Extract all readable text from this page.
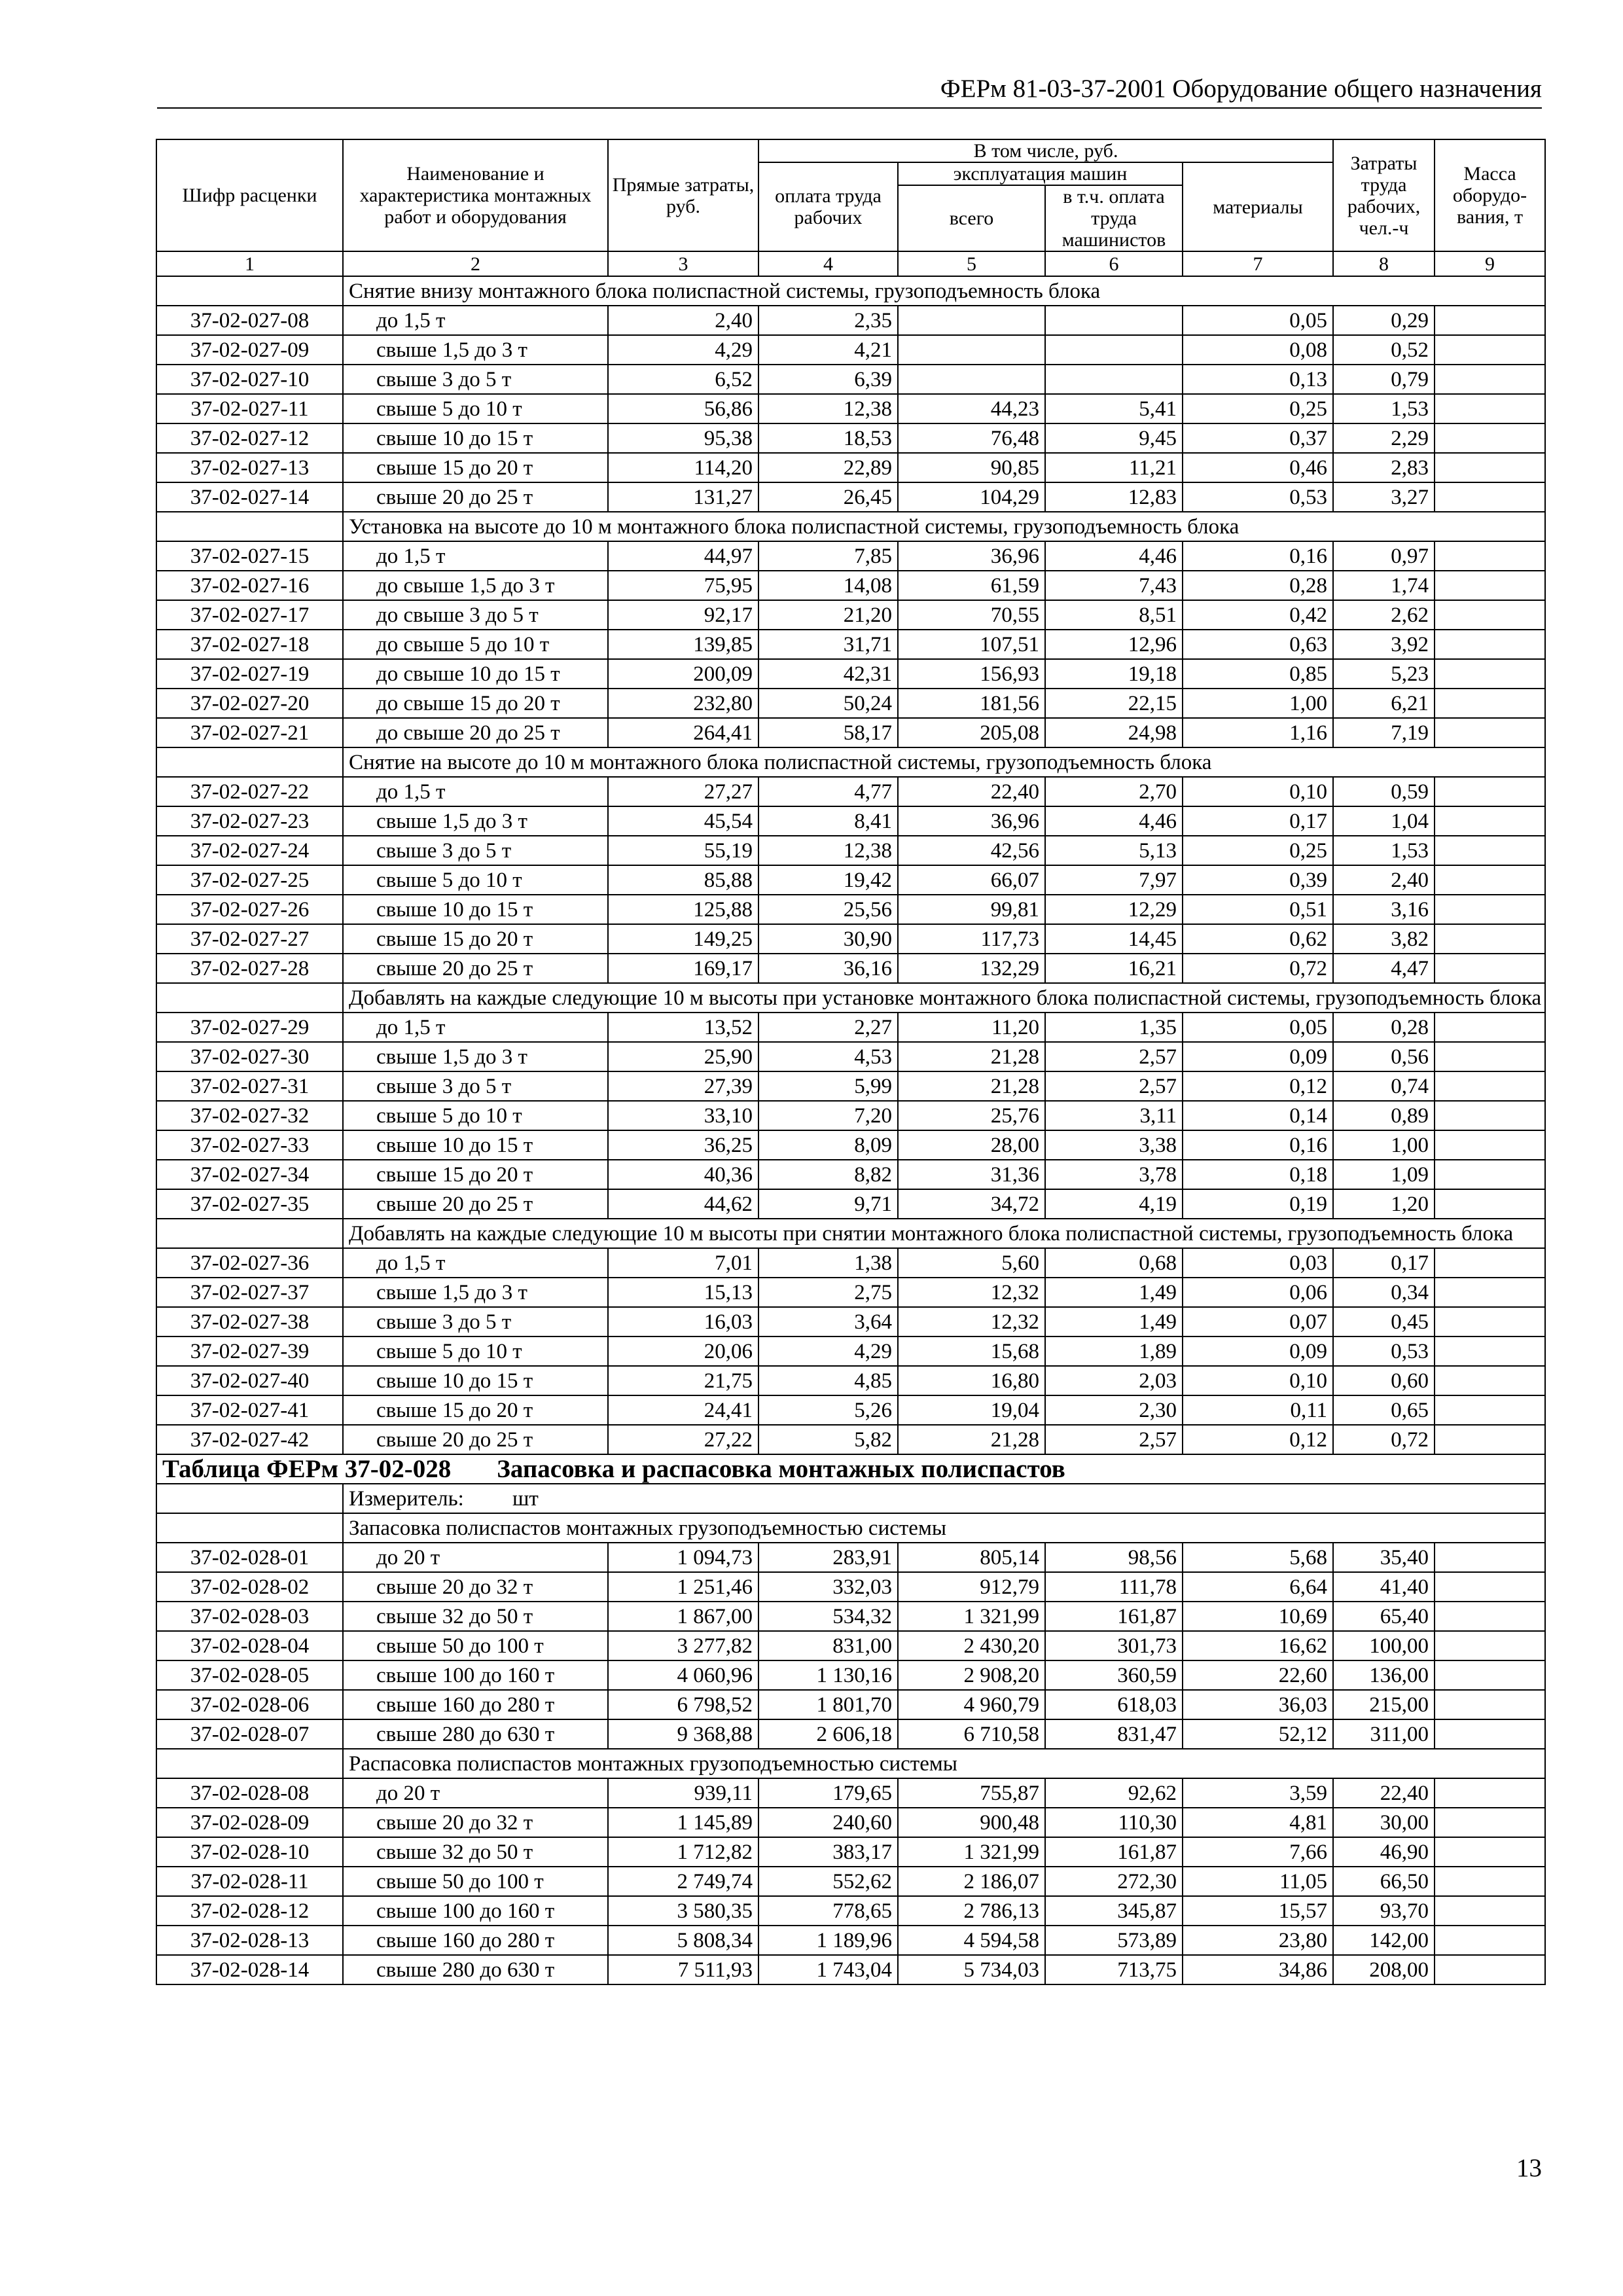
ФЕРм 81-03-37-2001 Оборудование общего назначения
Шифр расценки	Наименование и характеристика монтажных работ и оборудования	Прямые затраты, руб.	В том числе, руб.				Затраты труда рабочих, чел.-ч	Масса оборудо-вания, т
			оплата труда рабочих	эксплуатация машин		материалы		
				всего	в т.ч. оплата труда машинистов			
1	2	3	4	5	6	7	8	9
	Снятие внизу монтажного блока полиспастной системы, грузоподъемность блока							
37-02-027-08	до 1,5 т	2,40	2,35			0,05	0,29	
37-02-027-09	свыше 1,5 до 3 т	4,29	4,21			0,08	0,52	
37-02-027-10	свыше 3 до 5 т	6,52	6,39			0,13	0,79	
37-02-027-11	свыше 5 до 10 т	56,86	12,38	44,23	5,41	0,25	1,53	
37-02-027-12	свыше 10 до 15 т	95,38	18,53	76,48	9,45	0,37	2,29	
37-02-027-13	свыше 15 до 20 т	114,20	22,89	90,85	11,21	0,46	2,83	
37-02-027-14	свыше 20 до 25 т	131,27	26,45	104,29	12,83	0,53	3,27	
	Установка на высоте до 10 м монтажного блока полиспастной системы, грузоподъемность блока							
37-02-027-15	до 1,5 т	44,97	7,85	36,96	4,46	0,16	0,97	
37-02-027-16	до свыше 1,5 до 3 т	75,95	14,08	61,59	7,43	0,28	1,74	
37-02-027-17	до свыше 3 до 5 т	92,17	21,20	70,55	8,51	0,42	2,62	
37-02-027-18	до свыше 5 до 10 т	139,85	31,71	107,51	12,96	0,63	3,92	
37-02-027-19	до свыше 10 до 15 т	200,09	42,31	156,93	19,18	0,85	5,23	
37-02-027-20	до свыше 15 до 20 т	232,80	50,24	181,56	22,15	1,00	6,21	
37-02-027-21	до свыше 20 до 25 т	264,41	58,17	205,08	24,98	1,16	7,19	
	Снятие на высоте до 10 м монтажного блока полиспастной системы, грузоподъемность блока							
37-02-027-22	до 1,5 т	27,27	4,77	22,40	2,70	0,10	0,59	
37-02-027-23	свыше 1,5 до 3 т	45,54	8,41	36,96	4,46	0,17	1,04	
37-02-027-24	свыше 3 до 5 т	55,19	12,38	42,56	5,13	0,25	1,53	
37-02-027-25	свыше 5 до 10 т	85,88	19,42	66,07	7,97	0,39	2,40	
37-02-027-26	свыше 10 до 15 т	125,88	25,56	99,81	12,29	0,51	3,16	
37-02-027-27	свыше 15 до 20 т	149,25	30,90	117,73	14,45	0,62	3,82	
37-02-027-28	свыше 20 до 25 т	169,17	36,16	132,29	16,21	0,72	4,47	
	Добавлять на каждые следующие 10 м высоты при установке монтажного блока полиспастной системы, грузоподъемность блока							
37-02-027-29	до 1,5 т	13,52	2,27	11,20	1,35	0,05	0,28	
37-02-027-30	свыше 1,5 до 3 т	25,90	4,53	21,28	2,57	0,09	0,56	
37-02-027-31	свыше 3 до 5 т	27,39	5,99	21,28	2,57	0,12	0,74	
37-02-027-32	свыше 5 до 10 т	33,10	7,20	25,76	3,11	0,14	0,89	
37-02-027-33	свыше 10 до 15 т	36,25	8,09	28,00	3,38	0,16	1,00	
37-02-027-34	свыше 15 до 20 т	40,36	8,82	31,36	3,78	0,18	1,09	
37-02-027-35	свыше 20 до 25 т	44,62	9,71	34,72	4,19	0,19	1,20	
	Добавлять на каждые следующие 10 м высоты при снятии монтажного блока полиспастной системы, грузоподъемность блока							
37-02-027-36	до 1,5 т	7,01	1,38	5,60	0,68	0,03	0,17	
37-02-027-37	свыше 1,5 до 3 т	15,13	2,75	12,32	1,49	0,06	0,34	
37-02-027-38	свыше 3 до 5 т	16,03	3,64	12,32	1,49	0,07	0,45	
37-02-027-39	свыше 5 до 10 т	20,06	4,29	15,68	1,89	0,09	0,53	
37-02-027-40	свыше 10 до 15 т	21,75	4,85	16,80	2,03	0,10	0,60	
37-02-027-41	свыше 15 до 20 т	24,41	5,26	19,04	2,30	0,11	0,65	
37-02-027-42	свыше 20 до 25 т	27,22	5,82	21,28	2,57	0,12	0,72	
Таблица ФЕРм 37-02-028 Запасовка и распасовка монтажных полиспастов								
	Измеритель: шт							
	Запасовка полиспастов монтажных грузоподъемностью системы							
37-02-028-01	до 20 т	1 094,73	283,91	805,14	98,56	5,68	35,40	
37-02-028-02	свыше 20 до 32 т	1 251,46	332,03	912,79	111,78	6,64	41,40	
37-02-028-03	свыше 32 до 50 т	1 867,00	534,32	1 321,99	161,87	10,69	65,40	
37-02-028-04	свыше 50 до 100 т	3 277,82	831,00	2 430,20	301,73	16,62	100,00	
37-02-028-05	свыше 100 до 160 т	4 060,96	1 130,16	2 908,20	360,59	22,60	136,00	
37-02-028-06	свыше 160 до 280 т	6 798,52	1 801,70	4 960,79	618,03	36,03	215,00	
37-02-028-07	свыше 280 до 630 т	9 368,88	2 606,18	6 710,58	831,47	52,12	311,00	
	Распасовка полиспастов монтажных грузоподъемностью системы							
37-02-028-08	до 20 т	939,11	179,65	755,87	92,62	3,59	22,40	
37-02-028-09	свыше 20 до 32 т	1 145,89	240,60	900,48	110,30	4,81	30,00	
37-02-028-10	свыше 32 до 50 т	1 712,82	383,17	1 321,99	161,87	7,66	46,90	
37-02-028-11	свыше 50 до 100 т	2 749,74	552,62	2 186,07	272,30	11,05	66,50	
37-02-028-12	свыше 100 до 160 т	3 580,35	778,65	2 786,13	345,87	15,57	93,70	
37-02-028-13	свыше 160 до 280 т	5 808,34	1 189,96	4 594,58	573,89	23,80	142,00	
37-02-028-14	свыше 280 до 630 т	7 511,93	1 743,04	5 734,03	713,75	34,86	208,00	
13
